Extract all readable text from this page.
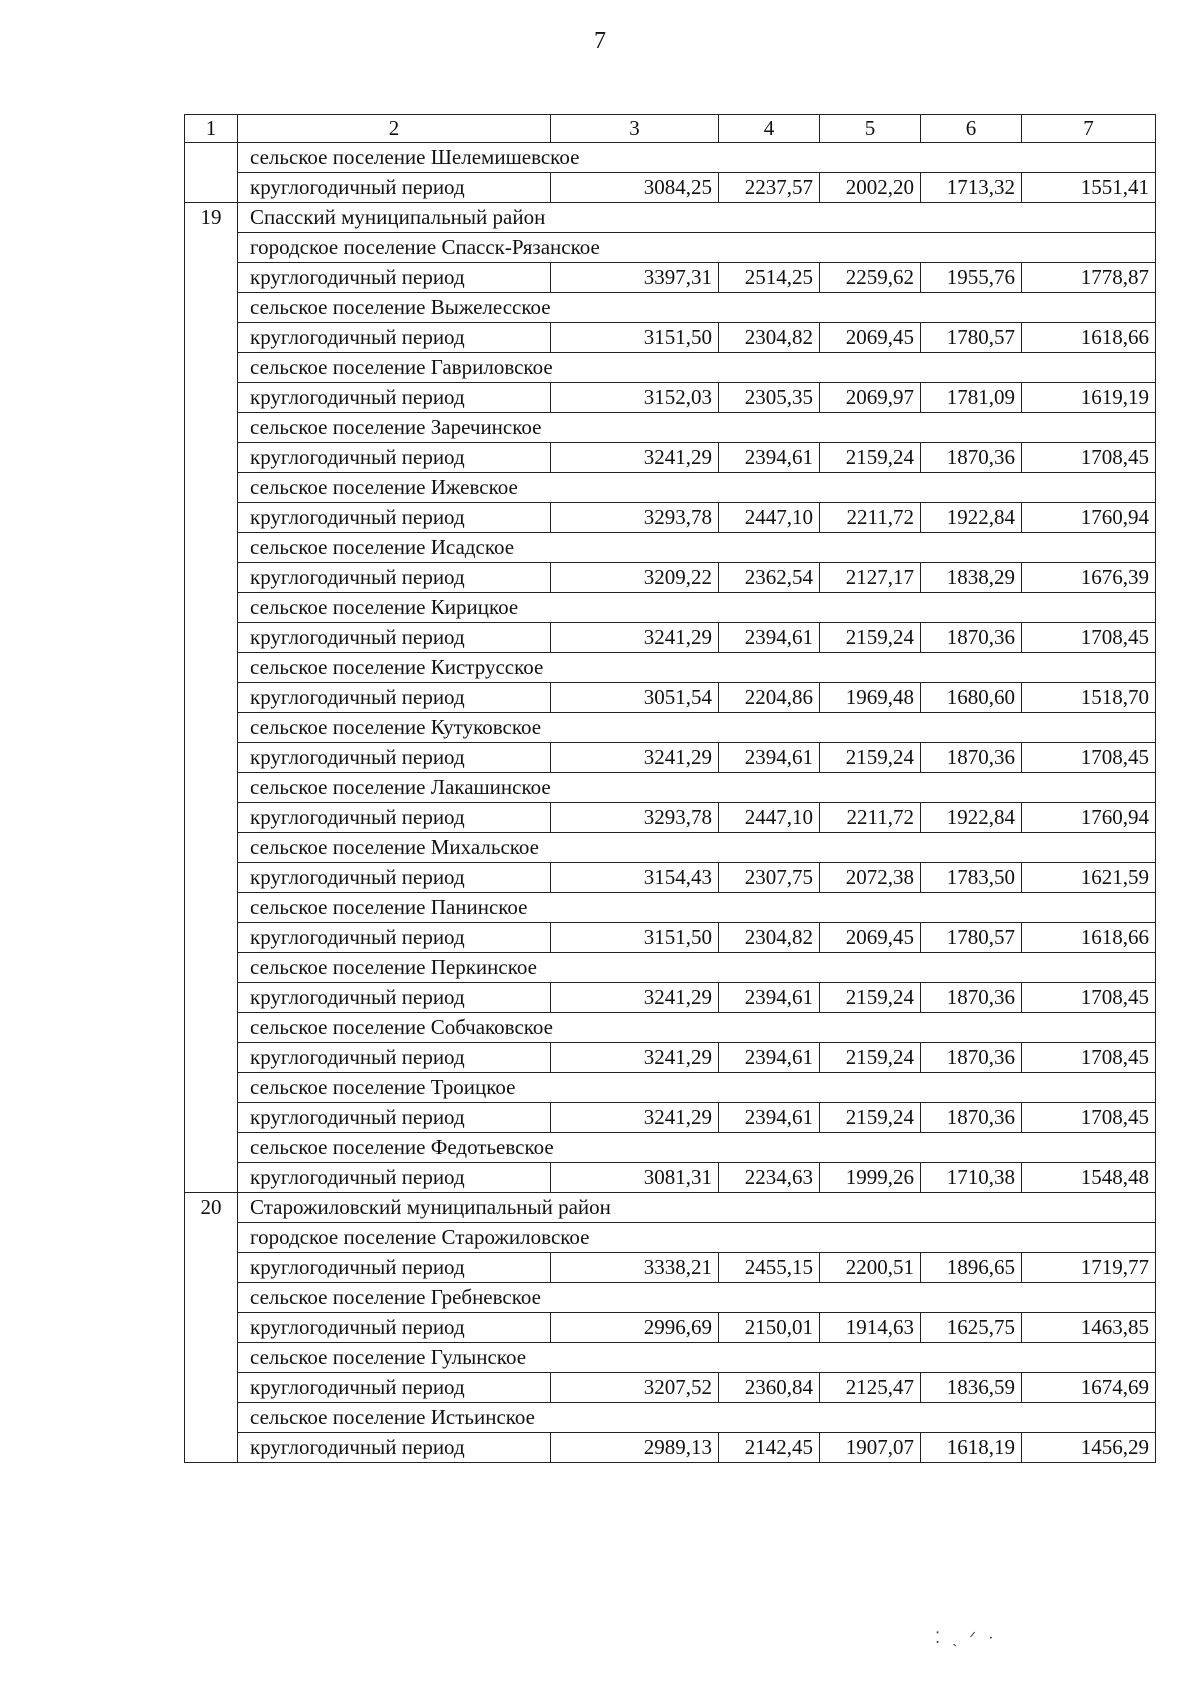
7
1	2	3	4	5	6	7
	сельское поселение Шелемишевское					
	круглогодичный период	3084,25	2237,57	2002,20	1713,32	1551,41
19	Спасский муниципальный район					
	городское поселение Спасск-Рязанское					
	круглогодичный период	3397,31	2514,25	2259,62	1955,76	1778,87
	сельское поселение Выжелесское					
	круглогодичный период	3151,50	2304,82	2069,45	1780,57	1618,66
	сельское поселение Гавриловское					
	круглогодичный период	3152,03	2305,35	2069,97	1781,09	1619,19
	сельское поселение Заречинское					
	круглогодичный период	3241,29	2394,61	2159,24	1870,36	1708,45
	сельское поселение Ижевское					
	круглогодичный период	3293,78	2447,10	2211,72	1922,84	1760,94
	сельское поселение Исадское					
	круглогодичный период	3209,22	2362,54	2127,17	1838,29	1676,39
	сельское поселение Кирицкое					
	круглогодичный период	3241,29	2394,61	2159,24	1870,36	1708,45
	сельское поселение Киструсское					
	круглогодичный период	3051,54	2204,86	1969,48	1680,60	1518,70
	сельское поселение Кутуковское					
	круглогодичный период	3241,29	2394,61	2159,24	1870,36	1708,45
	сельское поселение Лакашинское					
	круглогодичный период	3293,78	2447,10	2211,72	1922,84	1760,94
	сельское поселение Михальское					
	круглогодичный период	3154,43	2307,75	2072,38	1783,50	1621,59
	сельское поселение Панинское					
	круглогодичный период	3151,50	2304,82	2069,45	1780,57	1618,66
	сельское поселение Перкинское					
	круглогодичный период	3241,29	2394,61	2159,24	1870,36	1708,45
	сельское поселение Собчаковское					
	круглогодичный период	3241,29	2394,61	2159,24	1870,36	1708,45
	сельское поселение Троицкое					
	круглогодичный период	3241,29	2394,61	2159,24	1870,36	1708,45
	сельское поселение Федотьевское					
	круглогодичный период	3081,31	2234,63	1999,26	1710,38	1548,48
20	Старожиловский муниципальный район					
	городское поселение Старожиловское					
	круглогодичный период	3338,21	2455,15	2200,51	1896,65	1719,77
	сельское поселение Гребневское					
	круглогодичный период	2996,69	2150,01	1914,63	1625,75	1463,85
	сельское поселение Гулынское					
	круглогодичный период	3207,52	2360,84	2125,47	1836,59	1674,69
	сельское поселение Истьинское					
	круглогодичный период	2989,13	2142,45	1907,07	1618,19	1456,29
⁚ ˎ ᐟ ·
